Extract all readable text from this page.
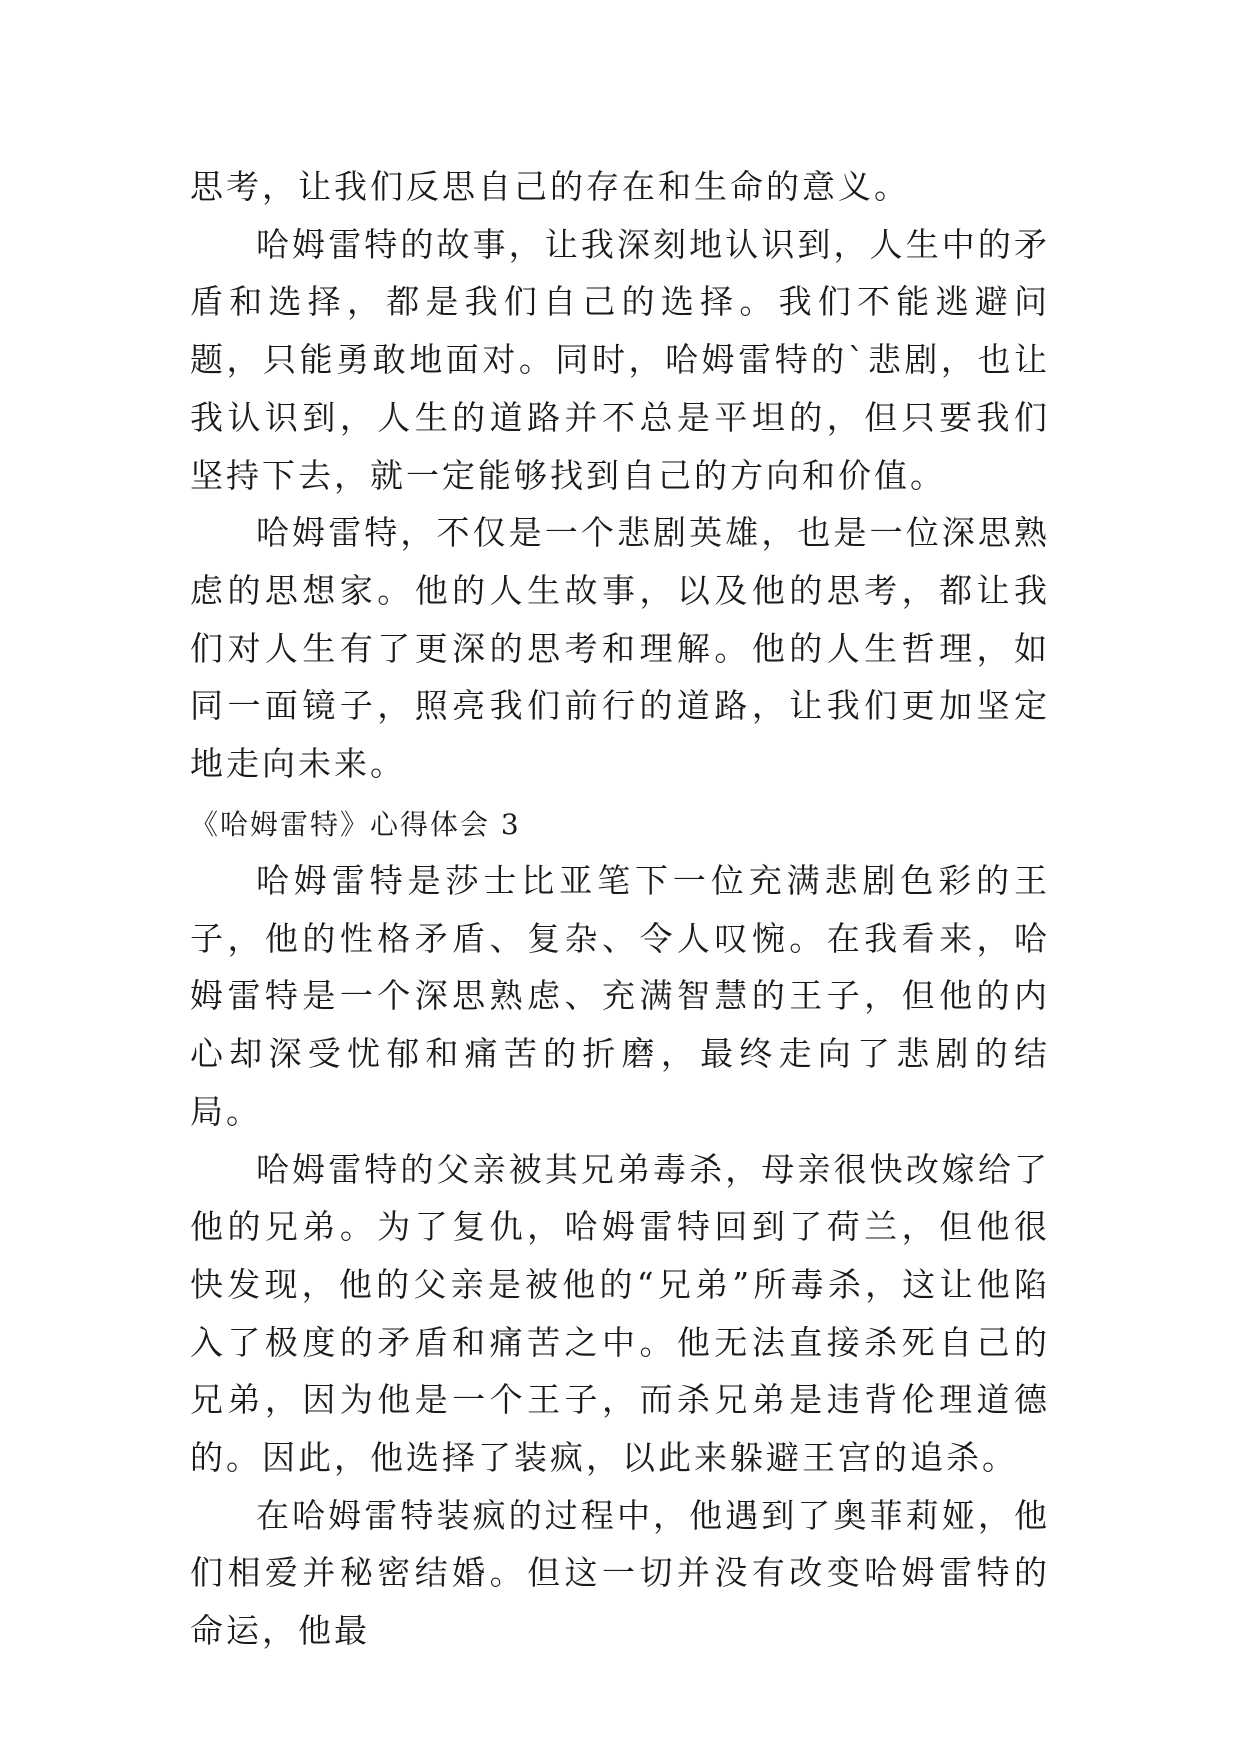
思考，让我们反思自己的存在和生命的意义。

哈姆雷特的故事，让我深刻地认识到，人生中的矛盾和选择，都是我们自己的选择。我们不能逃避问题，只能勇敢地面对。同时，哈姆雷特的`悲剧，也让我认识到，人生的道路并不总是平坦的，但只要我们坚持下去，就一定能够找到自己的方向和价值。

哈姆雷特，不仅是一个悲剧英雄，也是一位深思熟虑的思想家。他的人生故事，以及他的思考，都让我们对人生有了更深的思考和理解。他的人生哲理，如同一面镜子，照亮我们前行的道路，让我们更加坚定地走向未来。

《哈姆雷特》心得体会 3

哈姆雷特是莎士比亚笔下一位充满悲剧色彩的王子，他的性格矛盾、复杂、令人叹惋。在我看来，哈姆雷特是一个深思熟虑、充满智慧的王子，但他的内心却深受忧郁和痛苦的折磨，最终走向了悲剧的结局。

哈姆雷特的父亲被其兄弟毒杀，母亲很快改嫁给了他的兄弟。为了复仇，哈姆雷特回到了荷兰，但他很快发现，他的父亲是被他的“兄弟”所毒杀，这让他陷入了极度的矛盾和痛苦之中。他无法直接杀死自己的兄弟，因为他是一个王子，而杀兄弟是违背伦理道德的。因此，他选择了装疯，以此来躲避王宫的追杀。

在哈姆雷特装疯的过程中，他遇到了奥菲莉娅，他们相爱并秘密结婚。但这一切并没有改变哈姆雷特的命运，他最
